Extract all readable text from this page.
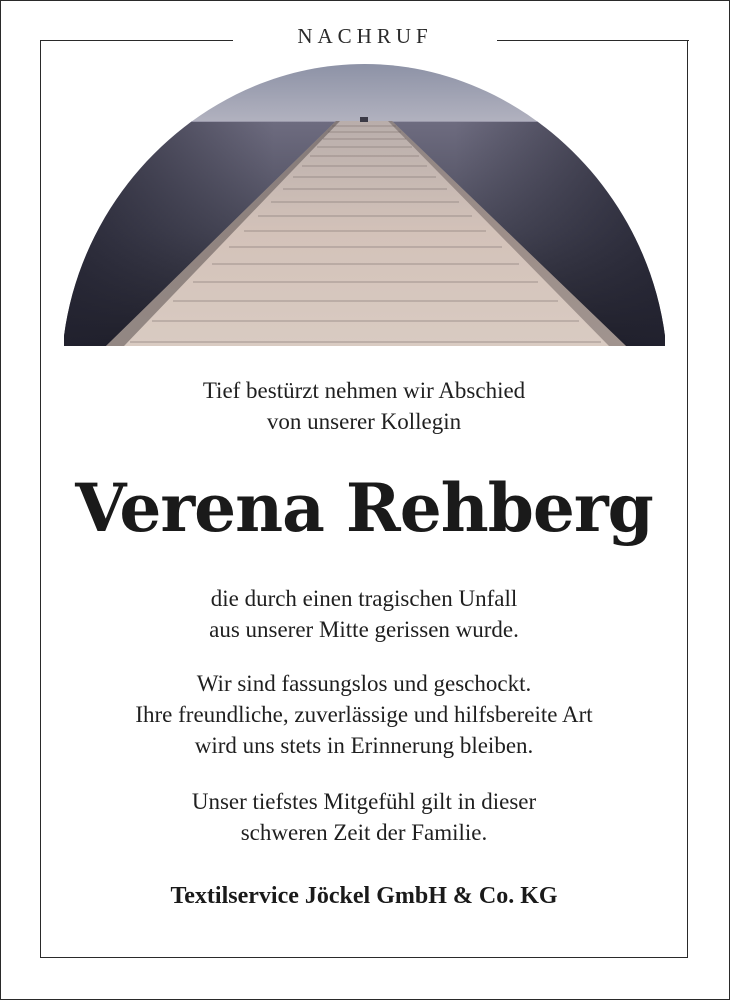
NACHRUF
Tief bestürzt nehmen wir Abschied
von unserer Kollegin
Verena Rehberg
die durch einen tragischen Unfall
aus unserer Mitte gerissen wurde.
Wir sind fassungslos und geschockt.
Ihre freundliche, zuverlässige und hilfsbereite Art
wird uns stets in Erinnerung bleiben.
Unser tiefstes Mitgefühl gilt in dieser
schweren Zeit der Familie.
Textilservice Jöckel GmbH & Co. KG
